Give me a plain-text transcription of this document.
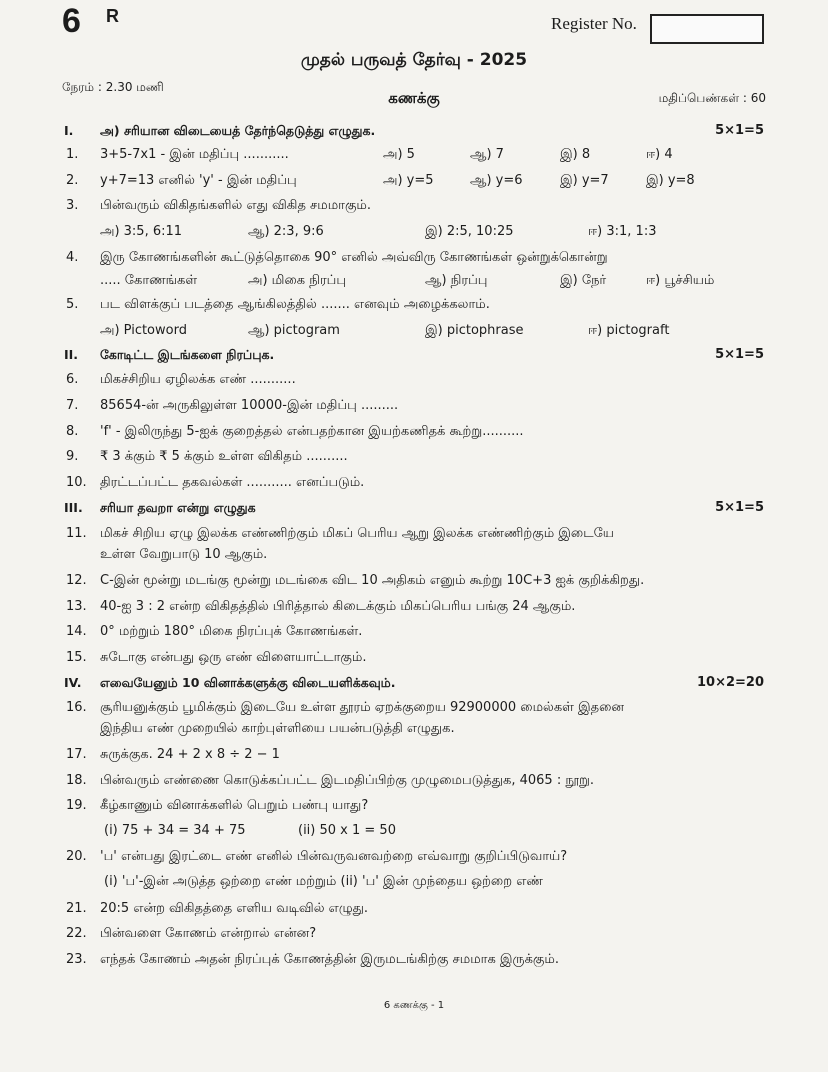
6 R	Register No.
முதல் பருவத் தேர்வு - 2025
நேரம் : 2.30 மணி
கணக்கு	மதிப்பெண்கள் : 60
I. அ) சரியான விடையைத் தேர்ந்தெடுத்து எழுதுக.	5×1=5
1. 3+5-7x1 - இன் மதிப்பு ...........	அ) 5	ஆ) 7	இ) 8	ஈ) 4
2. y+7=13 எனில் 'y' - இன் மதிப்பு	அ) y=5	ஆ) y=6	இ) y=7	இ) y=8
3. பின்வரும் விகிதங்களில் எது விகித சமமாகும்.
அ) 3:5, 6:11	ஆ) 2:3, 9:6	இ) 2:5, 10:25	ஈ) 3:1, 1:3
4. இரு கோணங்களின் கூட்டுத்தொகை 90° எனில் அவ்விரு கோணங்கள் ஒன்றுக்கொன்று
..... கோணங்கள்	அ) மிகை நிரப்பு	ஆ) நிரப்பு	இ) நேர்	ஈ) பூச்சியம்
5. பட விளக்குப் படத்தை ஆங்கிலத்தில் ....... எனவும் அழைக்கலாம்.
அ) Pictoword	ஆ) pictogram	இ) pictophrase	ஈ) pictograft
II. கோடிட்ட இடங்களை நிரப்புக.	5×1=5
6. மிகச்சிறிய ஏழிலக்க எண் ...........
7. 85654-ன் அருகிலுள்ள 10000-இன் மதிப்பு .........
8. 'f' - இலிருந்து 5-ஐக் குறைத்தல் என்பதற்கான இயற்கணிதக் கூற்று..........
9. ₹ 3 க்கும் ₹ 5 க்கும் உள்ள விகிதம் ..........
10. திரட்டப்பட்ட தகவல்கள் ........... எனப்படும்.
III. சரியா தவறா என்று எழுதுக	5×1=5
11. மிகச் சிறிய ஏழு இலக்க எண்ணிற்கும் மிகப் பெரிய ஆறு இலக்க எண்ணிற்கும் இடையே
உள்ள வேறுபாடு 10 ஆகும்.
12. C-இன் மூன்று மடங்கு மூன்று மடங்கை விட 10 அதிகம் எனும் கூற்று 10C+3 ஐக் குறிக்கிறது.
13. 40-ஐ 3 : 2 என்ற விகிதத்தில் பிரித்தால் கிடைக்கும் மிகப்பெரிய பங்கு 24 ஆகும்.
14. 0° மற்றும் 180° மிகை நிரப்புக் கோணங்கள்.
15. சுடோகு என்பது ஒரு எண் விளையாட்டாகும்.
IV. எவையேனும் 10 வினாக்களுக்கு விடையளிக்கவும்.	10×2=20
16. சூரியனுக்கும் பூமிக்கும் இடையே உள்ள தூரம் ஏறக்குறைய 92900000 மைல்கள் இதனை
இந்திய எண் முறையில் காற்புள்ளியை பயன்படுத்தி எழுதுக.
17. சுருக்குக. 24 + 2 x 8 ÷ 2 − 1
18. பின்வரும் எண்ணை கொடுக்கப்பட்ட இடமதிப்பிற்கு முழுமைபடுத்துக, 4065 : நூறு.
19. கீழ்காணும் வினாக்களில் பெறும் பண்பு யாது?
(i) 75 + 34 = 34 + 75	(ii) 50 x 1 = 50
20. 'ப' என்பது இரட்டை எண் எனில் பின்வருவனவற்றை எவ்வாறு குறிப்பிடுவாய்?
(i) 'ப'-இன் அடுத்த ஒற்றை எண் மற்றும் (ii) 'ப' இன் முந்தைய ஒற்றை எண்
21. 20:5 என்ற விகிதத்தை எளிய வடிவில் எழுது.
22. பின்வளை கோணம் என்றால் என்ன?
23. எந்தக் கோணம் அதன் நிரப்புக் கோணத்தின் இருமடங்கிற்கு சமமாக இருக்கும்.
6 கணக்கு - 1
